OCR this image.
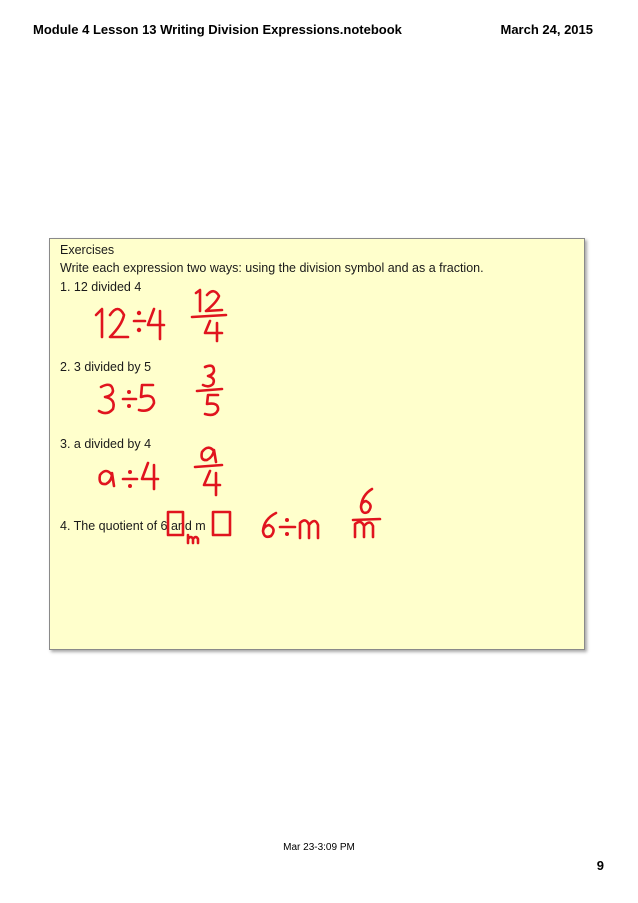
Module 4 Lesson 13 Writing Division Expressions.notebook	March 24, 2015
Exercises
Write each expression two ways: using the division symbol and as a fraction.
1. 12 divided 4
2. 3 divided by 5
3. a divided by 4
4. The quotient of 6 and m
Mar 23-3:09 PM
9
